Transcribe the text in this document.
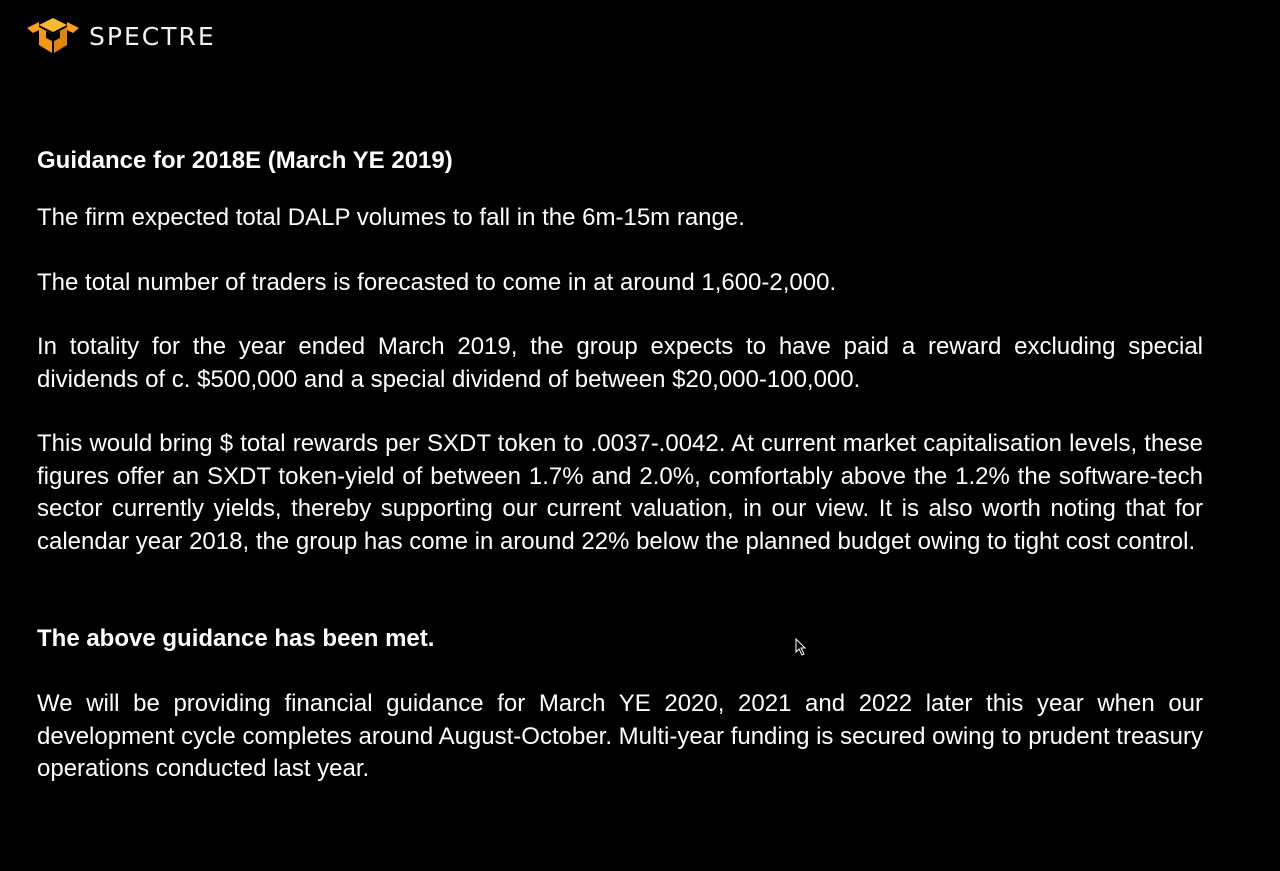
SPECTRE

Guidance for 2018E (March YE 2019)

The firm expected total DALP volumes to fall in the 6m-15m range.

The total number of traders is forecasted to come in at around 1,600-2,000.

In totality for the year ended March 2019, the group expects to have paid a reward excluding special dividends of c. $500,000 and a special dividend of between $20,000-100,000.

This would bring $ total rewards per SXDT token to .0037-.0042. At current market capitalisation levels, these figures offer an SXDT token-yield of between 1.7% and 2.0%, comfortably above the 1.2% the software-tech sector currently yields, thereby supporting our current valuation, in our view. It is also worth noting that for calendar year 2018, the group has come in around 22% below the planned budget owing to tight cost control.

The above guidance has been met.

We will be providing financial guidance for March YE 2020, 2021 and 2022 later this year when our development cycle completes around August-October. Multi-year funding is secured owing to prudent treasury operations conducted last year.
